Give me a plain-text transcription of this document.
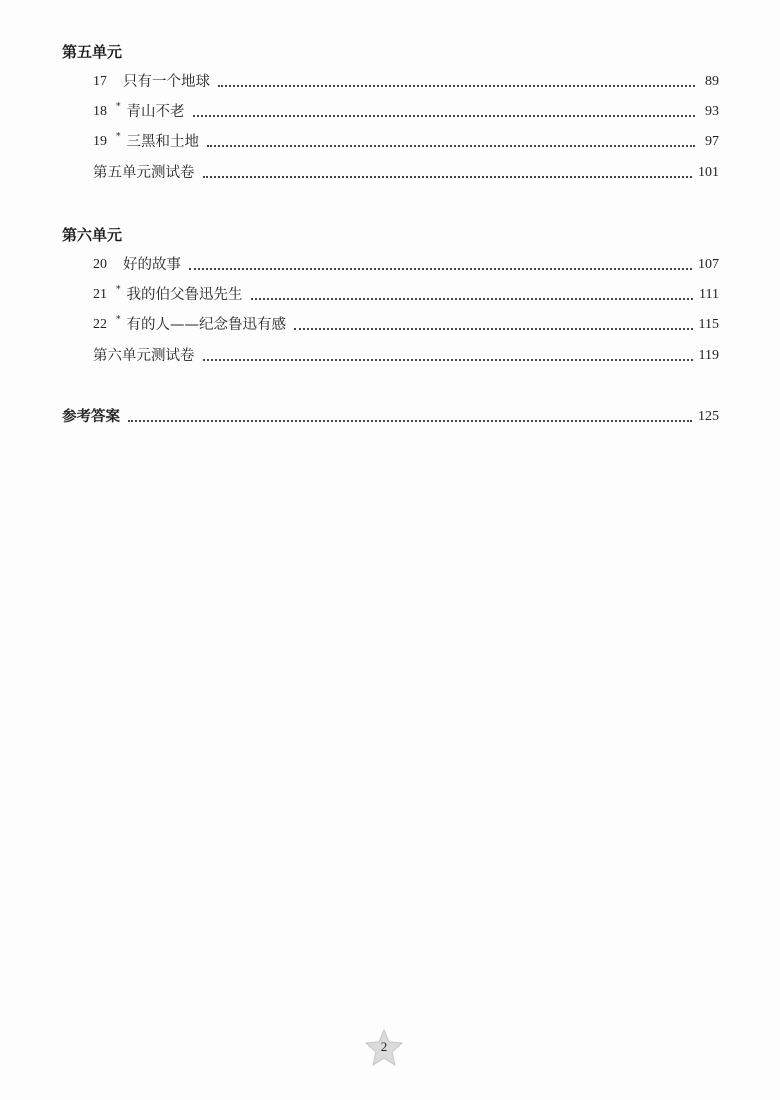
第五单元
17	只有一个地球	89
18	* 青山不老	93
19	* 三黑和土地	97
第五单元测试卷	101
第六单元
20	好的故事	107
21	* 我的伯父鲁迅先生	111
22	* 有的人——纪念鲁迅有感	115
第六单元测试卷	119
参考答案	125
2
